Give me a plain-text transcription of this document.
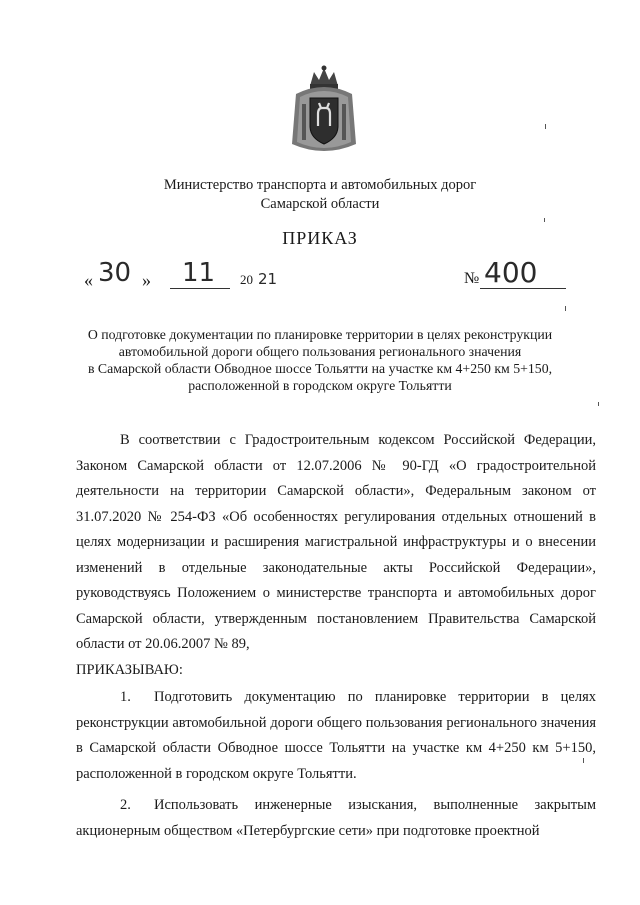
Министерство транспорта и автомобильных дорог
Самарской области
ПРИКАЗ
« 30 » 11 20 21	№ 400
О подготовке документации по планировке территории в целях реконструкции
автомобильной дороги общего пользования регионального значения
в Самарской области Обводное шоссе Тольятти на участке км 4+250 км 5+150,
расположенной в городском округе Тольятти

В соответствии с Градостроительным кодексом Российской Федерации, Законом Самарской области от 12.07.2006 № 90-ГД «О градостроительной деятельности на территории Самарской области», Федеральным законом от 31.07.2020 № 254-ФЗ «Об особенностях регулирования отдельных отношений в целях модернизации и расширения магистральной инфраструктуры и о внесении изменений в отдельные законодательные акты Российской Федерации», руководствуясь Положением о министерстве транспорта и автомобильных дорог Самарской области, утвержденным постановлением Правительства Самарской области от 20.06.2007 № 89,

ПРИКАЗЫВАЮ:

1. Подготовить документацию по планировке территории в целях реконструкции автомобильной дороги общего пользования регионального значения в Самарской области Обводное шоссе Тольятти на участке км 4+250 км 5+150, расположенной в городском округе Тольятти.

2. Использовать инженерные изыскания, выполненные закрытым акционерным обществом «Петербургские сети» при подготовке проектной
